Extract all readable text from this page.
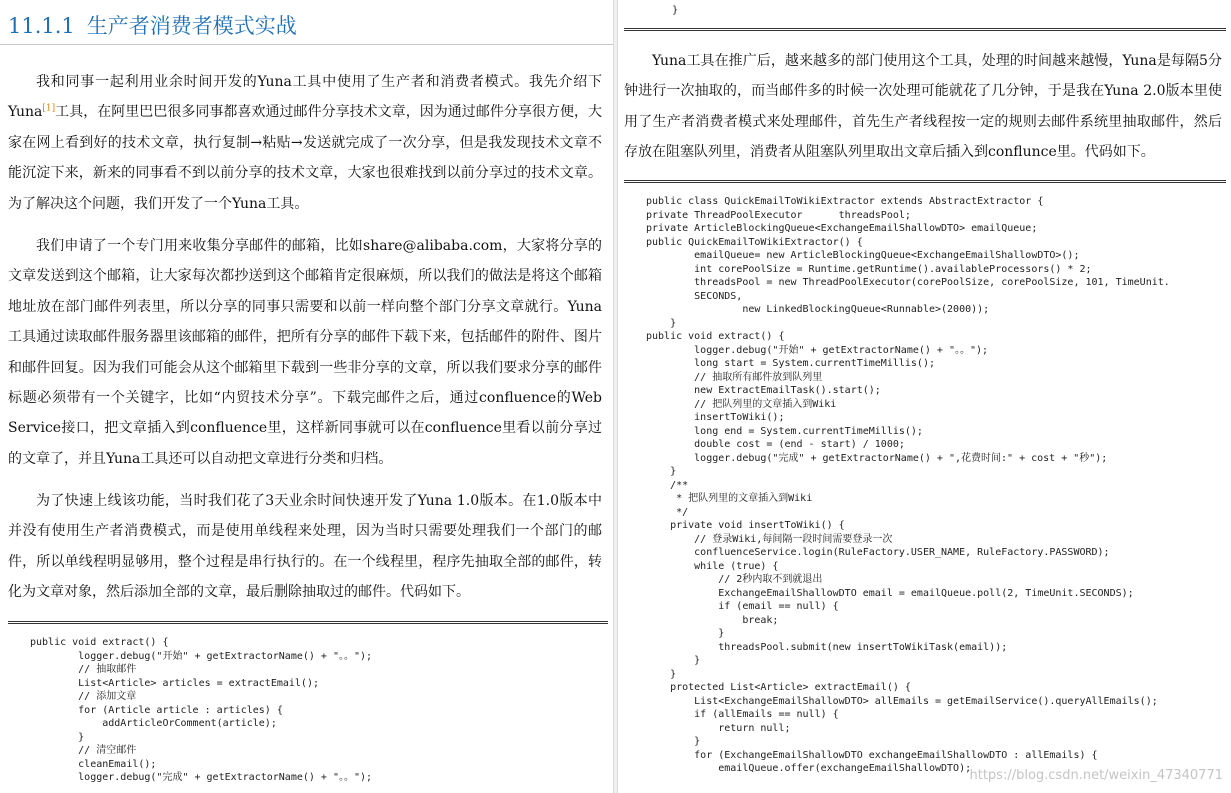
11.1.1 生产者消费者模式实战

我和同事一起利用业余时间开发的Yuna工具中使用了生产者和消费者模式。我先介绍下Yuna[1]工具，在阿里巴巴很多同事都喜欢通过邮件分享技术文章，因为通过邮件分享很方便，大家在网上看到好的技术文章，执行复制→粘贴→发送就完成了一次分享，但是我发现技术文章不能沉淀下来，新来的同事看不到以前分享的技术文章，大家也很难找到以前分享过的技术文章。为了解决这个问题，我们开发了一个Yuna工具。

我们申请了一个专门用来收集分享邮件的邮箱，比如share@alibaba.com，大家将分享的文章发送到这个邮箱，让大家每次都抄送到这个邮箱肯定很麻烦，所以我们的做法是将这个邮箱地址放在部门邮件列表里，所以分享的同事只需要和以前一样向整个部门分享文章就行。Yuna工具通过读取邮件服务器里该邮箱的邮件，把所有分享的邮件下载下来，包括邮件的附件、图片和邮件回复。因为我们可能会从这个邮箱里下载到一些非分享的文章，所以我们要求分享的邮件标题必须带有一个关键字，比如“内贸技术分享”。下载完邮件之后，通过confluence的Web Service接口，把文章插入到confluence里，这样新同事就可以在confluence里看以前分享过的文章了，并且Yuna工具还可以自动把文章进行分类和归档。

为了快速上线该功能，当时我们花了3天业余时间快速开发了Yuna 1.0版本。在1.0版本中并没有使用生产者消费模式，而是使用单线程来处理，因为当时只需要处理我们一个部门的邮件，所以单线程明显够用，整个过程是串行执行的。在一个线程里，程序先抽取全部的邮件，转化为文章对象，然后添加全部的文章，最后删除抽取过的邮件。代码如下。

public void extract() {
logger.debug("开始" + getExtractorName() + "。。");
// 抽取邮件
List<Article> articles = extractEmail();
// 添加文章
for (Article article : articles) {
addArticleOrComment(article);
}
// 清空邮件
cleanEmail();
logger.debug("完成" + getExtractorName() + "。。");
}

Yuna工具在推广后，越来越多的部门使用这个工具，处理的时间越来越慢，Yuna是每隔5分钟进行一次抽取的，而当邮件多的时候一次处理可能就花了几分钟，于是我在Yuna 2.0版本里使用了生产者消费者模式来处理邮件，首先生产者线程按一定的规则去邮件系统里抽取邮件，然后存放在阻塞队列里，消费者从阻塞队列里取出文章后插入到conflunce里。代码如下。

public class QuickEmailToWikiExtractor extends AbstractExtractor {
private ThreadPoolExecutor      threadsPool;
private ArticleBlockingQueue<ExchangeEmailShallowDTO> emailQueue;
public QuickEmailToWikiExtractor() {
emailQueue= new ArticleBlockingQueue<ExchangeEmailShallowDTO>();
int corePoolSize = Runtime.getRuntime().availableProcessors() * 2;
threadsPool = new ThreadPoolExecutor(corePoolSize, corePoolSize, 101, TimeUnit.
SECONDS,
new LinkedBlockingQueue<Runnable>(2000));
}
public void extract() {
logger.debug("开始" + getExtractorName() + "。。");
long start = System.currentTimeMillis();
// 抽取所有邮件放到队列里
new ExtractEmailTask().start();
// 把队列里的文章插入到Wiki
insertToWiki();
long end = System.currentTimeMillis();
double cost = (end - start) / 1000;
logger.debug("完成" + getExtractorName() + ",花费时间:" + cost + "秒");
}
/**
* 把队列里的文章插入到Wiki
*/
private void insertToWiki() {
// 登录Wiki,每间隔一段时间需要登录一次
confluenceService.login(RuleFactory.USER_NAME, RuleFactory.PASSWORD);
while (true) {
// 2秒内取不到就退出
ExchangeEmailShallowDTO email = emailQueue.poll(2, TimeUnit.SECONDS);
if (email == null) {
break;
}
threadsPool.submit(new insertToWikiTask(email));
}
}
protected List<Article> extractEmail() {
List<ExchangeEmailShallowDTO> allEmails = getEmailService().queryAllEmails();
if (allEmails == null) {
return null;
}
for (ExchangeEmailShallowDTO exchangeEmailShallowDTO : allEmails) {
emailQueue.offer(exchangeEmailShallowDTO);
https://blog.csdn.net/weixin_47340771
